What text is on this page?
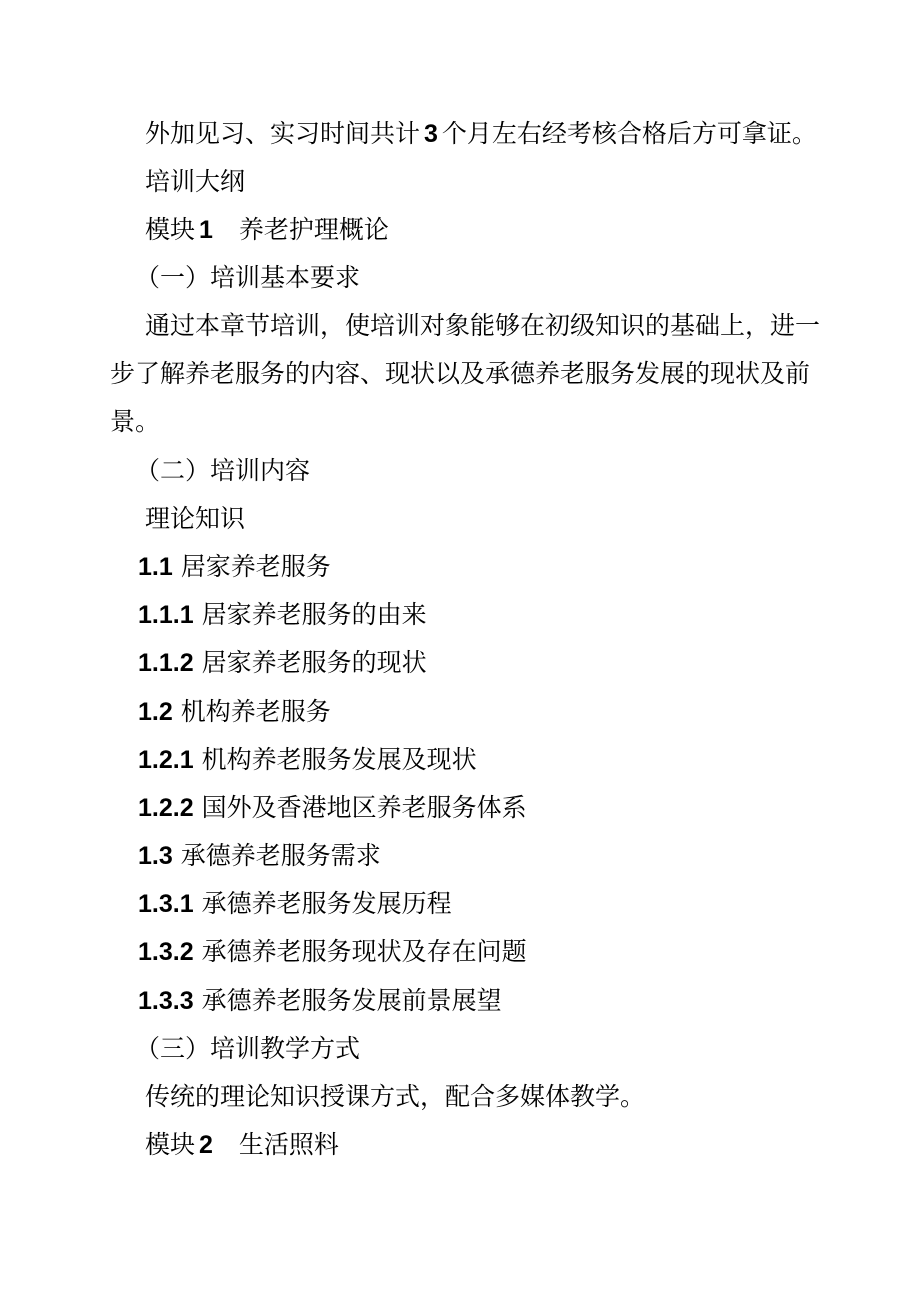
外加见习、实习时间共计 3 个月左右经考核合格后方可拿证。
培训大纲
模块 1 养老护理概论
（一）培训基本要求
通过本章节培训，使培训对象能够在初级知识的基础上，进一
步了解养老服务的内容、现状以及承德养老服务发展的现状及前
景。
（二）培训内容
理论知识
1.1 居家养老服务
1.1.1 居家养老服务的由来
1.1.2 居家养老服务的现状
1.2 机构养老服务
1.2.1 机构养老服务发展及现状
1.2.2 国外及香港地区养老服务体系
1.3 承德养老服务需求
1.3.1 承德养老服务发展历程
1.3.2 承德养老服务现状及存在问题
1.3.3 承德养老服务发展前景展望
（三）培训教学方式
传统的理论知识授课方式，配合多媒体教学。
模块 2 生活照料
